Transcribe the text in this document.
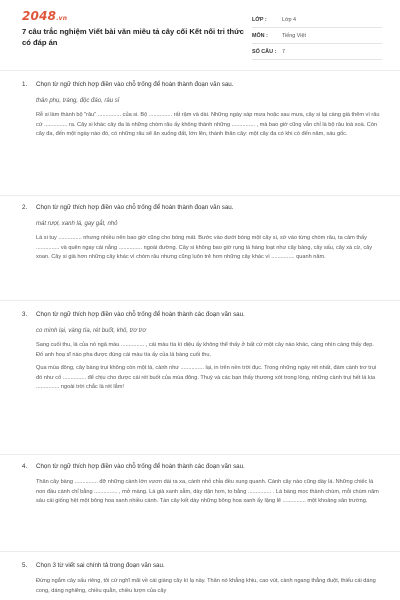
2048.vn
7 câu trắc nghiệm Viết bài văn miêu tả cây cối Kết nối tri thức có đáp án
LỚP :	Lớp 4
MÔN :	Tiếng Việt
SỐ CÂU :	7
1.	Chọn từ ngữ thích hợp điền vào chỗ trống để hoàn thành đoạn văn sau.
thân phụ, tràng, độc đáo, râu sỉ

Rễ si làm thành bộ "râu" ............... của si. Bộ ............... rất rậm và dài. Những ngày sáp mưa hoặc sau mưa, cây si lại càng già thêm vì râu cứ ............... ra. Cây si khác cây đa là những chòm râu ấy không thành những ............... , mà bao giờ cũng vẫn chỉ là bộ râu loà xoà. Còn cây đa, đến một ngày nào đó, có những râu sẽ ăn xuống đất, lớn lên, thành thân cây: một cây đa có khi có đến năm, sáu gốc.

2.	Chọn từ ngữ thích hợp điền vào chỗ trống để hoàn thành đoạn văn sau.
mát rượi, xanh lá, gay gắt, nhỏ

Lá si tuy ............... nhưng nhiều nên bao giờ cũng cho bóng mát. Bước vào dưới bóng một cây si, sờ vào từng chòm râu, ta cảm thấy ............... và quên ngay cái nắng ............... ngoài đường. Cây si không bao giờ rụng lá hàng loạt như cây bàng, cây sấu, cây xà cừ, cây xoan. Cây si già hơn những cây khác vì chòm râu nhưng cũng luôn trẻ hơn những cây khác vì ............... quanh năm.

3.	Chọn từ ngữ thích hợp điền vào chỗ trống để hoàn thành các đoạn văn sau.
co mình lại, vàng tía, rét buốt, khô, trơ trơ

Sang cuối thu, lá của nó ngả màu ............... , cái màu tía kì diệu ấy không thể thấy ở bất cứ một cây nào khác, càng nhìn càng thấy đẹp. Đố anh hoạ sĩ nào pha được đúng cái màu tía ấy của lá bàng cuối thu.

Qua mùa đông, cây bàng trụi không còn một lá, cành như ............... lại, in trên nền trời đục. Trong những ngày rét nhất, đám cành trơ trụi đó như cố ............... để chịu cho được cái rét buốt của mùa đông. Thuỳ và các bạn thấy thương xót trong lòng, những cành trụi hết lá kia ............... ngoài trời chắc là rét lắm!

4.	Chọn từ ngữ thích hợp điền vào chỗ trống để hoàn thành các đoạn văn sau.

Thân cây bàng ............... đỡ những cành lớn vươn dài ra xa, cành nhỏ chỉa đều xung quanh. Cành cây nào cũng dày lá. Những chiếc lá non đầu cành chỉ bằng ............... , mở màng. Lá già xanh sẫm, dày dặn hơn, to bằng ............... . Lá bàng mọc thành chùm, mỗi chùm năm sáu cái giống hệt một bông hoa xanh nhiều cánh. Tán cây kết dày những bông hoa xanh ấy lặng lẽ ............... một khoảng sân trường.

5.	Chọn 3 từ viết sai chính tả trong đoạn văn sau.

Đứng ngắm cây sấu riêng, tôi cứ nghĩ mãi về cái giáng cây kì lạ này. Thân nó khẳng khiu, cao vút, cành ngang thẳng đuột, thiếu cái dáng cong, dáng nghiêng, chiều quằn, chiều lượn của cây
